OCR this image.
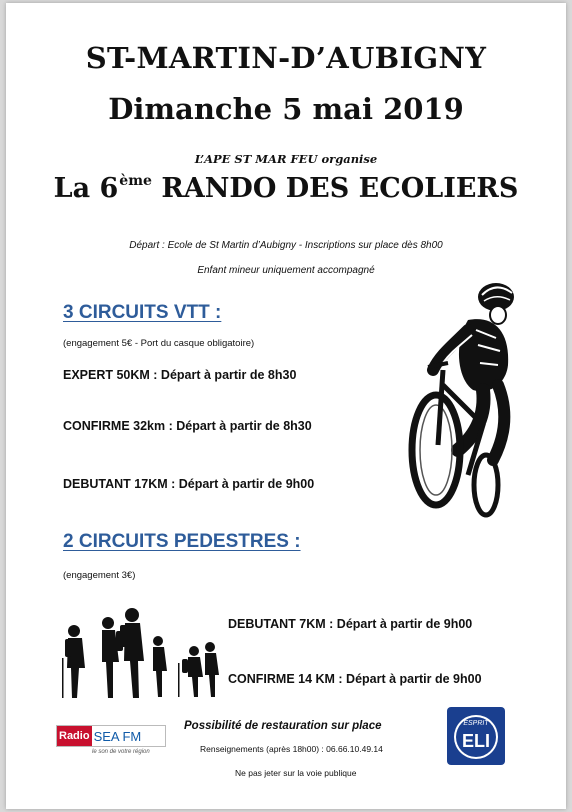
ST-MARTIN-D’AUBIGNY
Dimanche 5 mai 2019
L’APE ST MAR FEU organise
La 6ème RANDO DES ECOLIERS
Départ : Ecole de St Martin d’Aubigny - Inscriptions sur place dès 8h00
Enfant mineur uniquement accompagné
3 CIRCUITS VTT :
(engagement 5€ - Port du casque obligatoire)
EXPERT 50KM : Départ à partir de 8h30
CONFIRME 32km : Départ à partir de 8h30
DEBUTANT 17KM : Départ à partir de 9h00
2 CIRCUITS PEDESTRES :
(engagement 3€)
DEBUTANT 7KM : Départ à partir de 9h00
CONFIRME 14 KM : Départ à partir de 9h00
Radio SEA FM
le son de votre région
Possibilité de restauration sur place
Renseignements (après 18h00) : 06.66.10.49.14
Ne pas jeter sur la voie publique
ESPRIT
ELI
